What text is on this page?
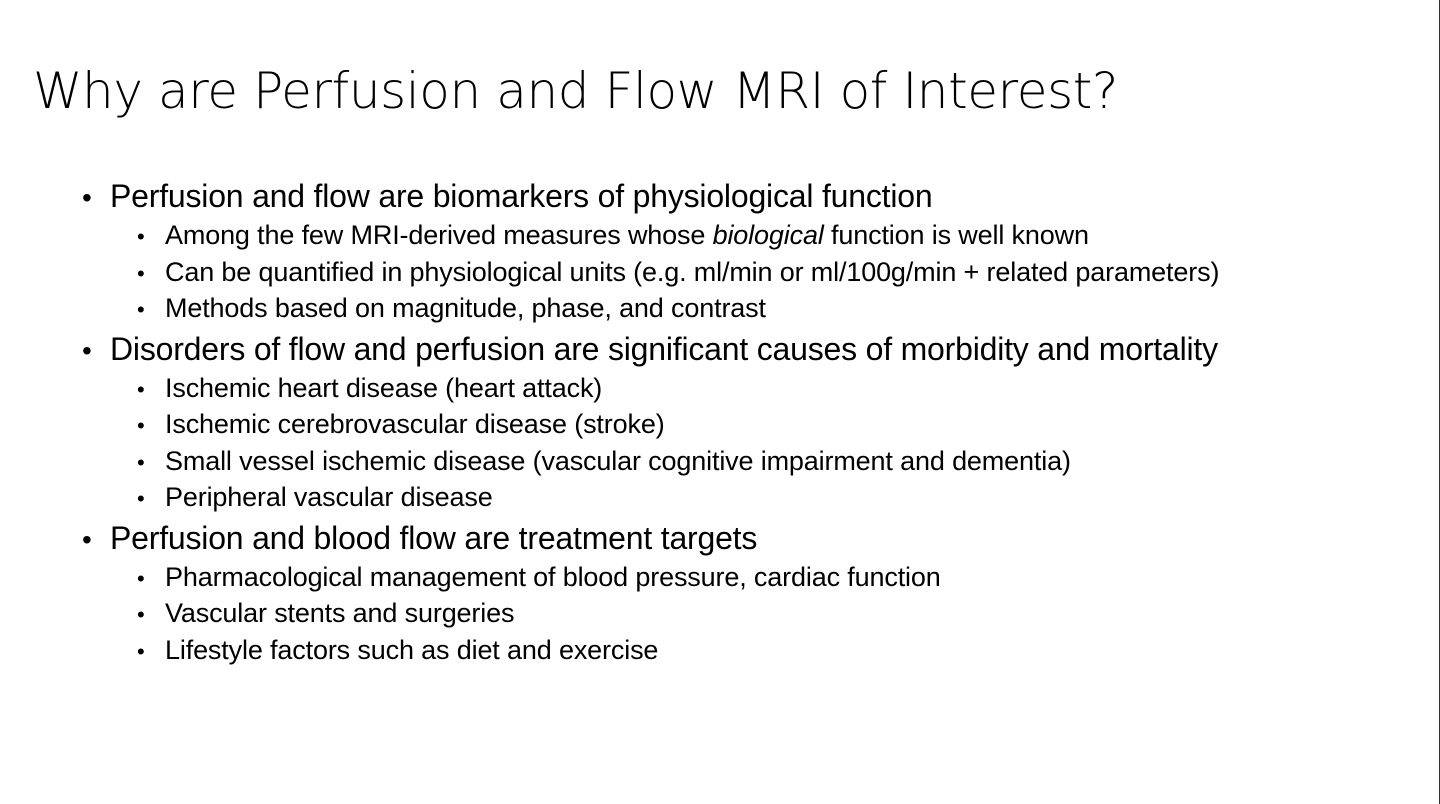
Why are Perfusion and Flow MRI of Interest?
• Perfusion and flow are biomarkers of physiological function
• Among the few MRI-derived measures whose biological function is well known
• Can be quantified in physiological units (e.g. ml/min or ml/100g/min + related parameters)
• Methods based on magnitude, phase, and contrast
• Disorders of flow and perfusion are significant causes of morbidity and mortality
• Ischemic heart disease (heart attack)
• Ischemic cerebrovascular disease (stroke)
• Small vessel ischemic disease (vascular cognitive impairment and dementia)
• Peripheral vascular disease
• Perfusion and blood flow are treatment targets
• Pharmacological management of blood pressure, cardiac function
• Vascular stents and surgeries
• Lifestyle factors such as diet and exercise
